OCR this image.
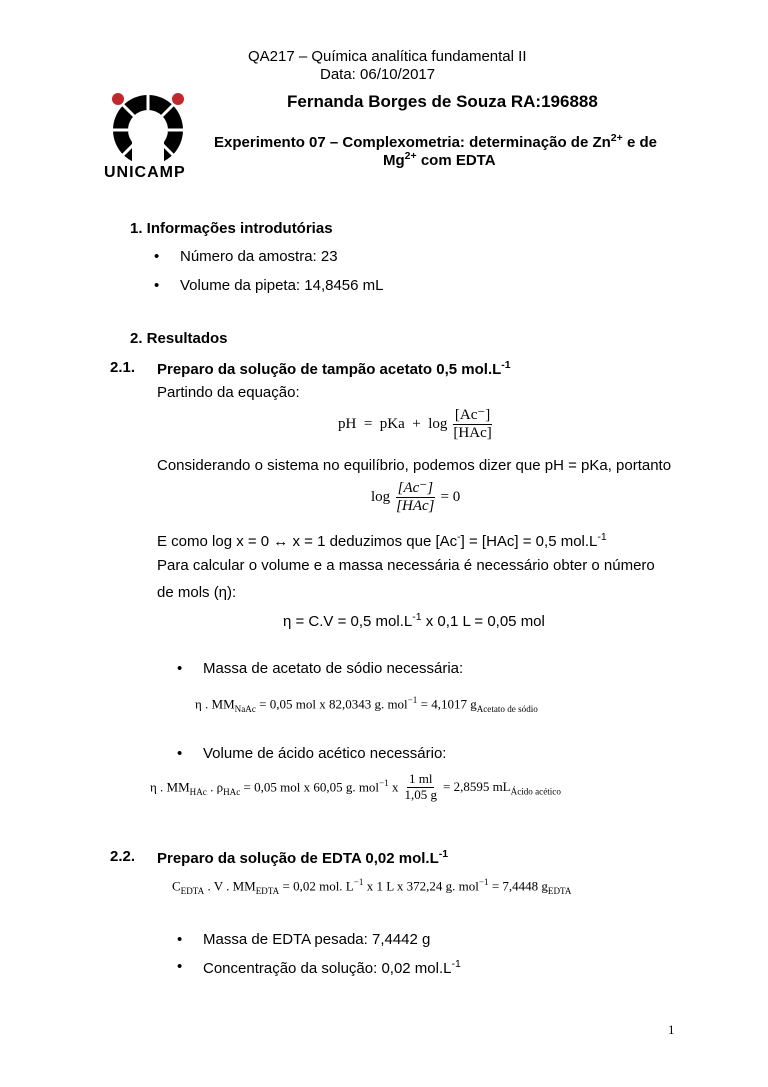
QA217 – Química analítica fundamental II
Data: 06/10/2017
UNICAMP
Fernanda Borges de Souza RA:196888
Experimento 07 – Complexometria: determinação de $Zn^{2+}$ e de
$Mg^{2+}$ com EDTA
1. Informações introdutórias
• Número da amostra: 23
• Volume da pipeta: 14,8456 mL
2. Resultados
2.1. Preparo da solução de tampão acetato 0,5 $mol.L^{-1}$
Partindo da equação:
pH  =  pKa  +  $\log \frac{[Ac^-]}{\text{[HAc]}}$
Considerando o sistema no equilíbrio, podemos dizer que pH = pKa, portanto
$\log \frac{[Ac^-]}{\text{[HAc]}} = 0$
E como log x = 0 ↔ x = 1 deduzimos que [Ac-] = [HAc] = 0,5 $mol.L^{-1}$
Para calcular o volume e a massa necessária é necessário obter o número
de mols (η):
η = C.V = 0,5 $mol.L^{-1}$ x 0,1 L = 0,05 mol
• Massa de acetato de sódio necessária:
η . $MM_{NaAc} = 0,05$ mol x 82,0343 g. mol$^{-1}$ = 4,1017 $g_{Acetato de sódio}$
• Volume de ácido acético necessário:
η . $MM_{HAc}$ . $\rho_{HAc} = 0,05$ mol x 60,05 g. mol$^{-1}$ x $\frac{1 ml}{1,05 g} = 2,8595$ $mL_{Ácido acético}$
2.2. Preparo da solução de EDTA 0,02 $mol.L^{-1}$
$C_{EDTA}$ . V . $MM_{EDTA} = 0,02$ mol. $L^{-1}$ x 1 L x 372,24 g. mol$^{-1}$ = 7,4448 $g_{EDTA}$
• Massa de EDTA pesada: 7,4442 g
• Concentração da solução: 0,02 $mol.L^{-1}$
1
